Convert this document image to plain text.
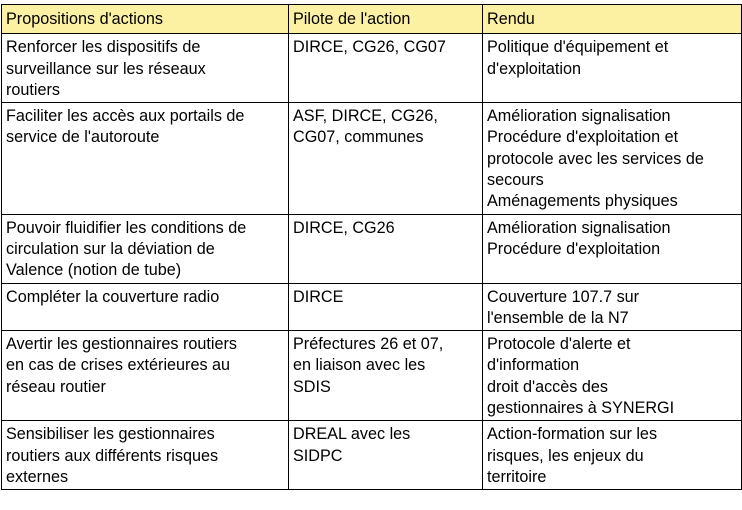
Propositions d'actions	Pilote de l'action	Rendu

Renforcer les dispositifs de
surveillance sur les réseaux
routiers	DIRCE, CG26, CG07	Politique d'équipement et
d'exploitation

Faciliter les accès aux portails de
service de l'autoroute	ASF, DIRCE, CG26,
CG07, communes	Amélioration signalisation
Procédure d'exploitation et
protocole avec les services de
secours
Aménagements physiques

Pouvoir fluidifier les conditions de
circulation sur la déviation de
Valence (notion de tube)	DIRCE, CG26	Amélioration signalisation
Procédure d'exploitation

Compléter la couverture radio	DIRCE	Couverture 107.7 sur
l'ensemble de la N7

Avertir les gestionnaires routiers
en cas de crises extérieures au
réseau routier	Préfectures 26 et 07,
en liaison avec les
SDIS	Protocole d'alerte et
d'information
droit d'accès des
gestionnaires à SYNERGI

Sensibiliser les gestionnaires
routiers aux différents risques
externes	DREAL avec les
SIDPC	Action-formation sur les
risques, les enjeux du
territoire
